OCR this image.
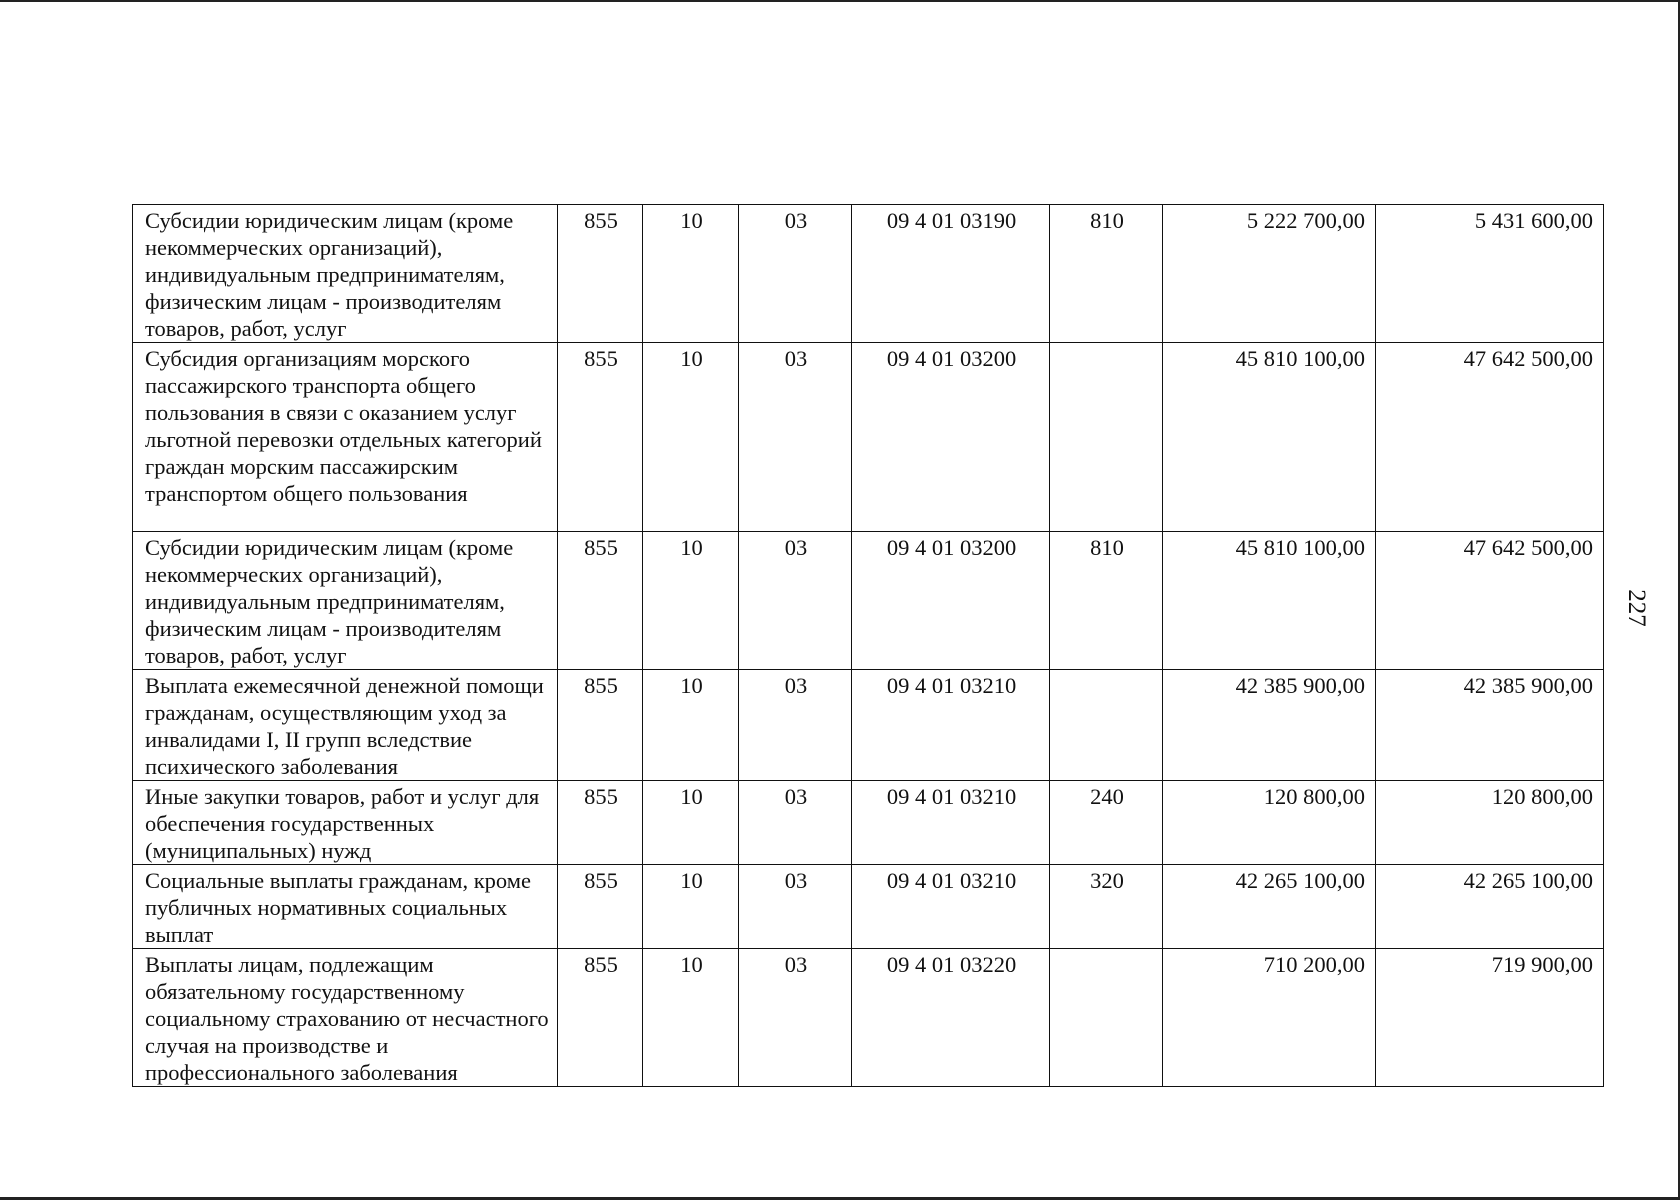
Субсидии юридическим лицам (кроме некоммерческих организаций), индивидуальным предпринимателям, физическим лицам - производителям товаров, работ, услуг	855	10	03	09 4 01 03190	810	5 222 700,00	5 431 600,00
Субсидия организациям морского пассажирского транспорта общего пользования в связи с оказанием услуг льготной перевозки отдельных категорий граждан морским пассажирским транспортом общего пользования	855	10	03	09 4 01 03200		45 810 100,00	47 642 500,00
Субсидии юридическим лицам (кроме некоммерческих организаций), индивидуальным предпринимателям, физическим лицам - производителям товаров, работ, услуг	855	10	03	09 4 01 03200	810	45 810 100,00	47 642 500,00
Выплата ежемесячной денежной помощи гражданам, осуществляющим уход за инвалидами I, II групп вследствие психического заболевания	855	10	03	09 4 01 03210		42 385 900,00	42 385 900,00
Иные закупки товаров, работ и услуг для обеспечения государственных (муниципальных) нужд	855	10	03	09 4 01 03210	240	120 800,00	120 800,00
Социальные выплаты гражданам, кроме публичных нормативных социальных выплат	855	10	03	09 4 01 03210	320	42 265 100,00	42 265 100,00
Выплаты лицам, подлежащим обязательному государственному социальному страхованию от несчастного случая на производстве и профессионального заболевания	855	10	03	09 4 01 03220		710 200,00	719 900,00
227
